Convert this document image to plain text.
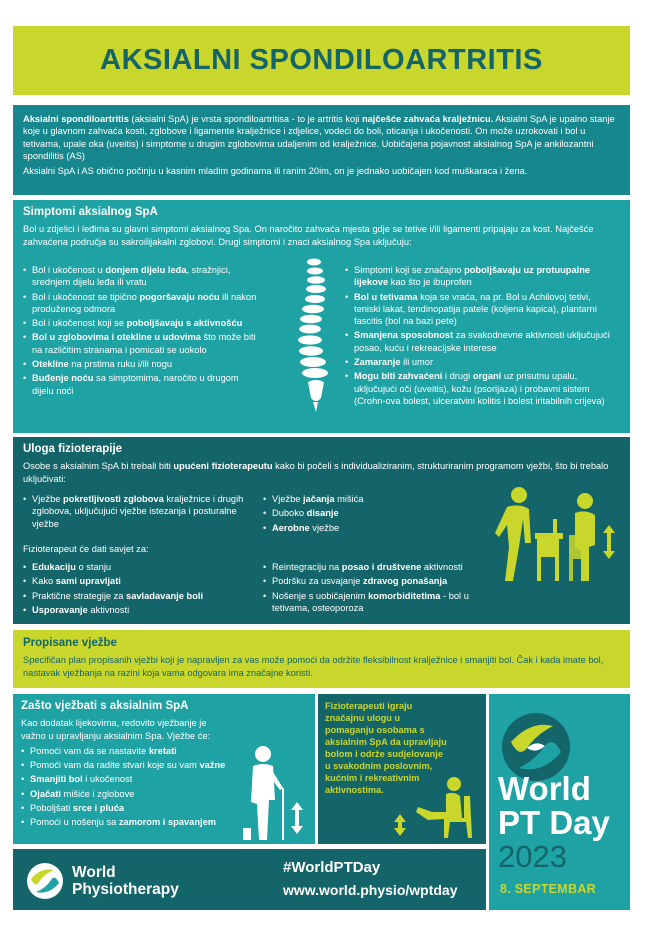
AKSIALNI SPONDILOARTRITIS

Aksialni spondiloartritis (aksialni SpA) je vrsta spondiloartritisa - to je artritis koji najčešće zahvaća kralježnicu. Aksialni SpA je upalno stanje koje u glavnom zahvaća kosti, zglobove i ligamente kralježnice i zdjelice, vodeći do boli, oticanja i ukočenosti. On može uzrokovati i bol u tetivama, upale oka (uveitis) i simptome u drugim zglobovima udaljenim od kralježnice. Uobičajena pojavnost aksialnog SpA je ankilozantni spondilitis (AS)

Aksialni SpA i AS obično počinju u kasnim mladim godinama ili ranim 20im, on je jednako uobičajen kod muškaraca i žena.

Simptomi aksialnog SpA

Bol u zdjelici i leđima su glavni simptomi aksialnog Spa. On naročito zahvaća mjesta gdje se tetive i/ili ligamenti pripajaju za kost. Najčešće zahvaćena područja su sakroilijakalni zglobovi. Drugi simptomi i znaci aksialnog Spa uključuju:

• Bol i ukočenost u donjem dijelu leđa, stražnjici, srednjem dijelu leđa ili vratu
• Bol i ukočenost se tipično pogoršavaju noću ili nakon produženog odmora
• Bol i ukočenost koji se poboljšavaju s aktivnošću
• Bol u zglobovima i otekline u udovima što može biti na različitim stranama i pomicati se uokolo
• Otekline na prstima ruku i/ili nogu
• Buđenje noću sa simptomima, naročito u drugom dijelu noći
• Simptomi koji se značajno poboljšavaju uz protuupalne lijekove kao što je ibuprofen
• Bol u tetivama koja se vraća, na pr. Bol u Achilovoj tetivi, teniski lakat, tendinopatija patele (koljena kapica), plantarni fascitis (bol na bazi pete)
• Smanjena sposobnost za svakodnevne aktivnosti uključujući posao, kuću i rekreacijske interese
• Zamaranje ili umor
• Mogu biti zahvaćeni i drugi organi uz prisutnu upalu, uključujući oči (uveitis), kožu (psorijaza) i probavni sistem (Crohn-ova bolest, ulceratvini kolitis i bolest iritabilnih crijeva)
Uloga fizioterapije

Osobe s aksialnim SpA bi trebali biti upućeni fizioterapeutu kako bi počeli s individualiziranim, strukturiranim programom vježbi, što bi trebalo uključivati:

• Vježbe pokretljivosti zglobova kralježnice i drugih zglobova, uključujući vježbe istezanja i posturalne vježbe
• Vježbe jačanja mišića
• Duboko disanje
• Aerobne vježbe

Fizioterapeut će dati savjet za:

• Edukaciju o stanju
• Kako sami upravljati
• Praktične strategije za savladavanje boli
• Usporavanje aktivnosti
• Reintegraciju na posao i društvene aktivnosti
• Podršku za usvajanje zdravog ponašanja
• Nošenje s uobičajenim komorbiditetima - bol u tetivama, osteoporoza
Propisane vježbe

Specifičan plan propisanih vježbi koji je napravljen za vas može pomoći da održite fleksibilnost kralježnice i smanjiti bol. Čak i kada imate bol, nastavak vježbanja na razini koja vama odgovara ima značajne koristi.

Zašto vježbati s aksialnim SpA

Kao dodatak lijekovima, redovito vježbanje je važno u upravljanju aksialnim Spa. Vježbe će:

• Pomoći vam da se nastavite kretati
• Pomoći vam da radite stvari koje su vam važne
• Smanjiti bol i ukočenost
• Ojačati mišiće i zglobove
• Poboljšati srce i pluća
• Pomoći u nošenju sa zamorom i spavanjem

Fizioterapeuti igraju značajnu ulogu u pomaganju osobama s aksialnim SpA da upravljaju bolom i održe sudjelovanje u svakodnim poslovnim, kućnim i rekreativnim aktivnostima.	World
PT Day
2023
8. SEPTEMBAR
World
Physiotherapy
#WorldPTDay
www.world.physio/wptday
